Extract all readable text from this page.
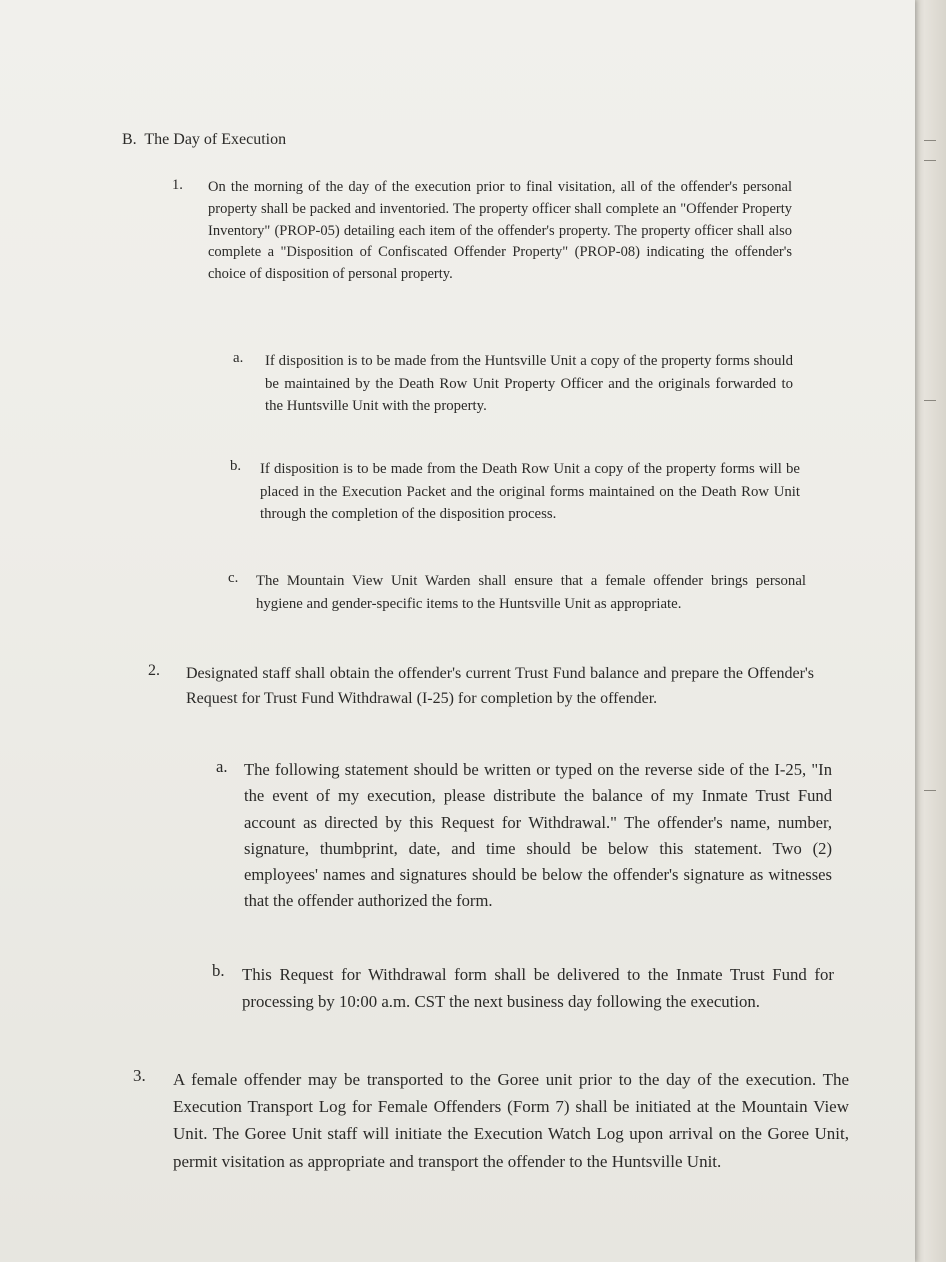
B. The Day of Execution
1. On the morning of the day of the execution prior to final visitation, all of the offender's personal property shall be packed and inventoried. The property officer shall complete an "Offender Property Inventory" (PROP-05) detailing each item of the offender's property. The property officer shall also complete a "Disposition of Confiscated Offender Property" (PROP-08) indicating the offender's choice of disposition of personal property.
a. If disposition is to be made from the Huntsville Unit a copy of the property forms should be maintained by the Death Row Unit Property Officer and the originals forwarded to the Huntsville Unit with the property.
b. If disposition is to be made from the Death Row Unit a copy of the property forms will be placed in the Execution Packet and the original forms maintained on the Death Row Unit through the completion of the disposition process.
c. The Mountain View Unit Warden shall ensure that a female offender brings personal hygiene and gender-specific items to the Huntsville Unit as appropriate.
2. Designated staff shall obtain the offender's current Trust Fund balance and prepare the Offender's Request for Trust Fund Withdrawal (I-25) for completion by the offender.
a. The following statement should be written or typed on the reverse side of the I-25, "In the event of my execution, please distribute the balance of my Inmate Trust Fund account as directed by this Request for Withdrawal." The offender's name, number, signature, thumbprint, date, and time should be below this statement. Two (2) employees' names and signatures should be below the offender's signature as witnesses that the offender authorized the form.
b. This Request for Withdrawal form shall be delivered to the Inmate Trust Fund for processing by 10:00 a.m. CST the next business day following the execution.
3. A female offender may be transported to the Goree unit prior to the day of the execution. The Execution Transport Log for Female Offenders (Form 7) shall be initiated at the Mountain View Unit. The Goree Unit staff will initiate the Execution Watch Log upon arrival on the Goree Unit, permit visitation as appropriate and transport the offender to the Huntsville Unit.
